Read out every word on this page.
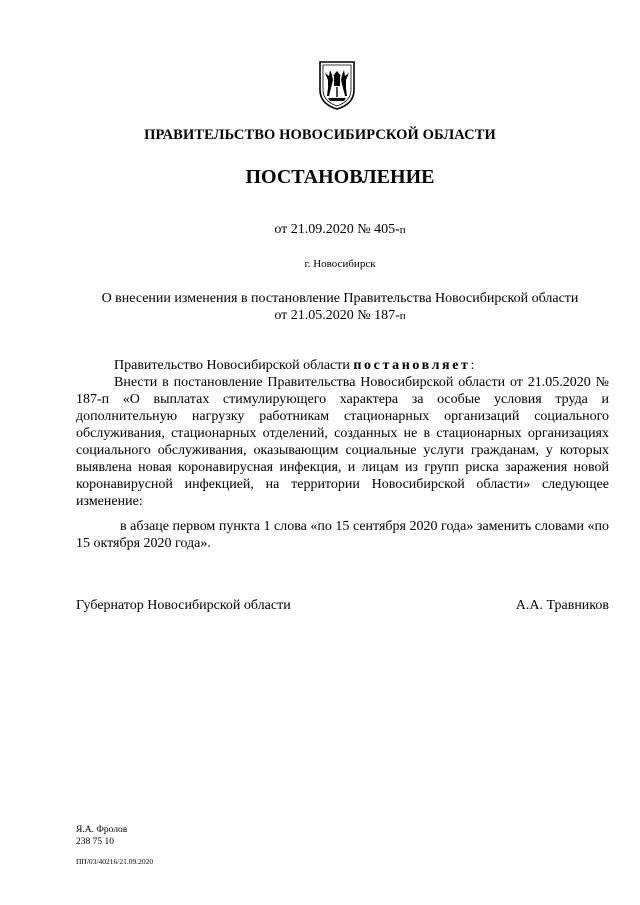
ПРАВИТЕЛЬСТВО НОВОСИБИРСКОЙ ОБЛАСТИ
ПОСТАНОВЛЕНИЕ
от 21.09.2020 № 405-п
г. Новосибирск
О внесении изменения в постановление Правительства Новосибирской области
от 21.05.2020 № 187-п
Правительство Новосибирской области постановляет:
Внести в постановление Правительства Новосибирской области от 21.05.2020 № 187-п «О выплатах стимулирующего характера за особые условия труда и дополнительную нагрузку работникам стационарных организаций социального обслуживания, стационарных отделений, созданных не в стационарных организациях социального обслуживания, оказывающим социальные услуги гражданам, у которых выявлена новая коронавирусная инфекция, и лицам из групп риска заражения новой коронавирусной инфекцией, на территории Новосибирской области» следующее изменение:
в абзаце первом пункта 1 слова «по 15 сентября 2020 года» заменить словами «по 15 октября 2020 года».
Губернатор Новосибирской области	А.А. Травников
Я.А. Фролов
238 75 10
ПП/03/40216/21.09.2020
